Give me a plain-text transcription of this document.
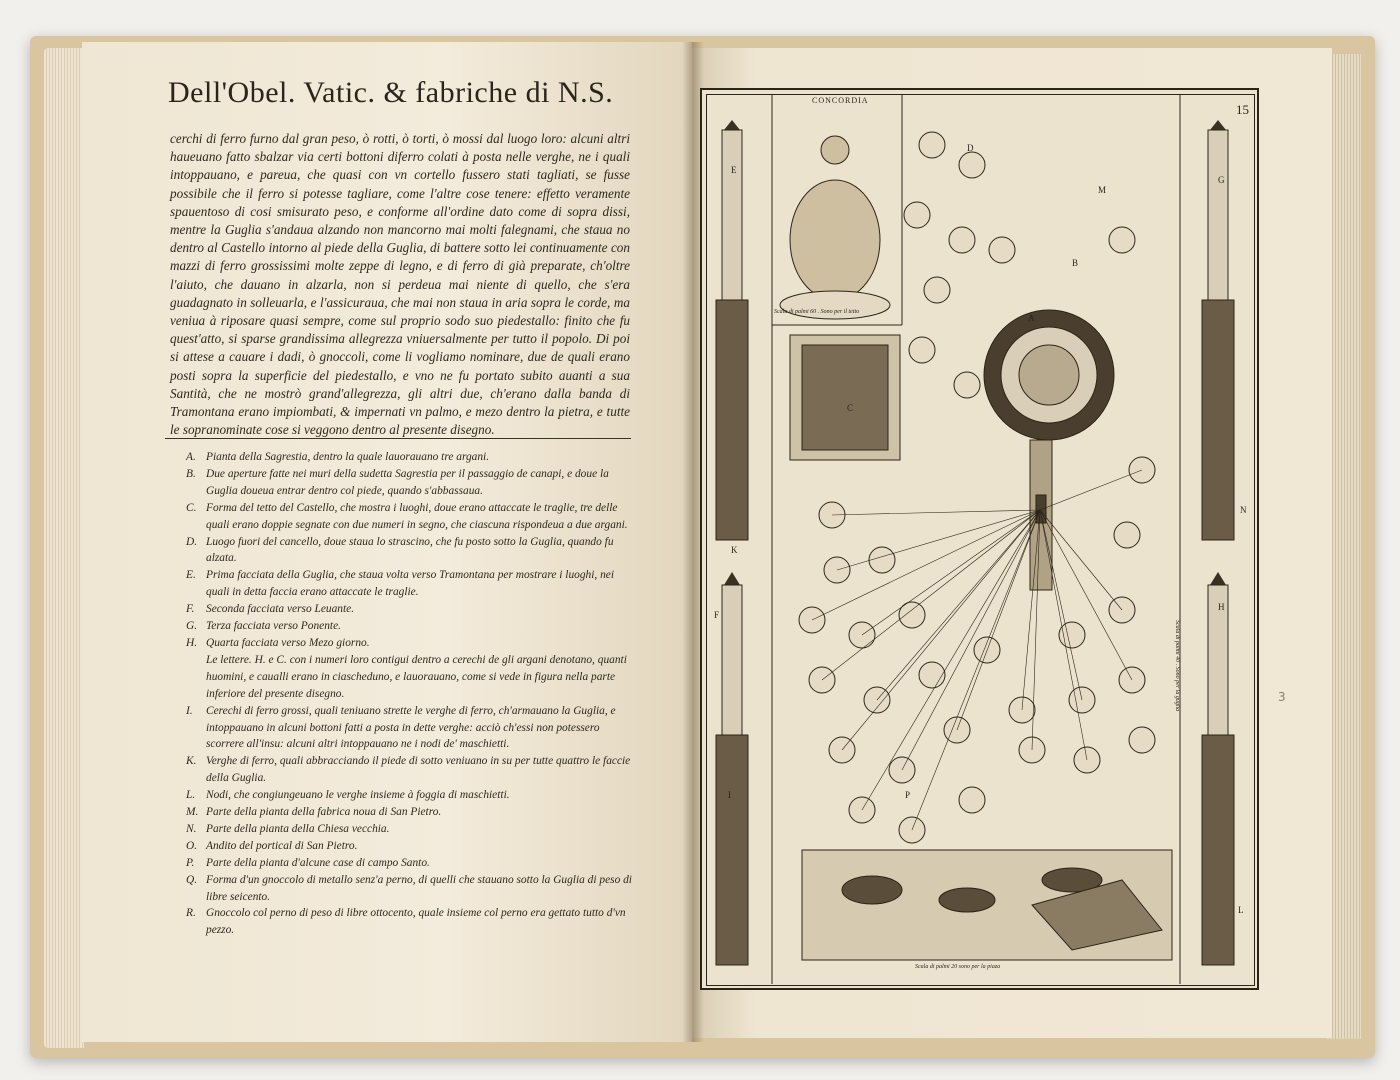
Dell'Obel. Vatic. & fabriche di N.S.

cerchi di ferro furno dal gran peso, ò rotti, ò torti, ò mossi dal luogo loro: alcuni altri haueuano fatto sbalzar via certi bottoni diferro colati à posta nelle verghe, ne i quali intoppauano, e pareua, che quasi con vn cortello fussero stati tagliati, se fusse possibile che il ferro si potesse tagliare, come l'altre cose tenere: effetto veramente spauentoso di cosi smisurato peso, e conforme all'ordine dato come di sopra dissi, mentre la Guglia s'andaua alzando non mancorno mai molti falegnami, che staua no dentro al Castello intorno al piede della Guglia, di battere sotto lei continuamente con mazzi di ferro grossissimi molte zeppe di legno, e di ferro di già preparate, ch'oltre l'aiuto, che dauano in alzarla, non si perdeua mai niente di quello, che s'era guadagnato in solleuarla, e l'assicuraua, che mai non staua in aria sopra le corde, ma veniua à riposare quasi sempre, come sul proprio sodo suo piedestallo: finito che fu quest'atto, si sparse grandissima allegrezza vniuersalmente per tutto il popolo. Di poi si attese a cauare i dadi, ò gnoccoli, come li vogliamo nominare, due de quali erano posti sopra la superficie del piedestallo, e vno ne fu portato subito auanti a sua Santità, che ne mostrò grand'allegrezza, gli altri due, ch'erano dalla banda di Tramontana erano impiombati, & impernati vn palmo, e mezo dentro la pietra, e tutte le sopranominate cose si veggono dentro al presente disegno.

A. Pianta della Sagrestia, dentro la quale lauorauano tre argani.
B. Due aperture fatte nei muri della sudetta Sagrestia per il passaggio de canapi, e doue la Guglia doueua entrar dentro col piede, quando s'abbassaua.
C. Forma del tetto del Castello, che mostra i luoghi, doue erano attaccate le traglie, tre delle quali erano doppie segnate con due numeri in segno, che ciascuna rispondeua a due argani.
D. Luogo fuori del cancello, doue staua lo strascino, che fu posto sotto la Guglia, quando fu alzata.
E. Prima facciata della Guglia, che staua volta verso Tramontana per mostrare i luoghi, nei quali in detta faccia erano attaccate le traglie.
F.	Seconda facciata verso Leuante.
G. Terza facciata verso Ponente.
H. Quarta facciata verso Mezo giorno.
Le lettere. H. e C. con i numeri loro contigui dentro a cerechi de gli argani denotano, quanti huomini, e caualli erano in ciascheduno, e lauorauano, come si vede in figura nella parte inferiore del presente disegno.
I.	Cerechi di ferro grossi, quali teniuano strette le verghe di ferro, ch'armauano la Guglia, e intoppauano in alcuni bottoni fatti a posta in dette verghe: acciò ch'essi non potessero scorrere all'insu: alcuni altri intoppauano ne i nodi de' maschietti.
K. Verghe di ferro, quali abbracciando il piede di sotto veniuano in su per tutte quattro le faccie della Guglia.
L. Nodi, che congiungeuano le verghe insieme à foggia di maschietti.
M. Parte della pianta della fabrica noua di San Pietro.
N. Parte della pianta della Chiesa vecchia.
O. Andito del portical di San Pietro.
P.	Parte della pianta d'alcune case di campo Santo.
Q. Forma d'un gnoccolo di metallo senz'a perno, di quelli che stauano sotto la Guglia di peso di libre seicento.
R. Gnoccolo col perno di peso di libre ottocento, quale insieme col perno era gettato tutto d'vn pezzo.
15
CONCORDIA
Scala di palmi 60 . Sono per il tetto
Scala di palmi 20 sono per la piaza
Scala di palmi 40 . Sono per la guglia
D
M
B
A
C
K
N
H
F
G
E
I
L
P
3
